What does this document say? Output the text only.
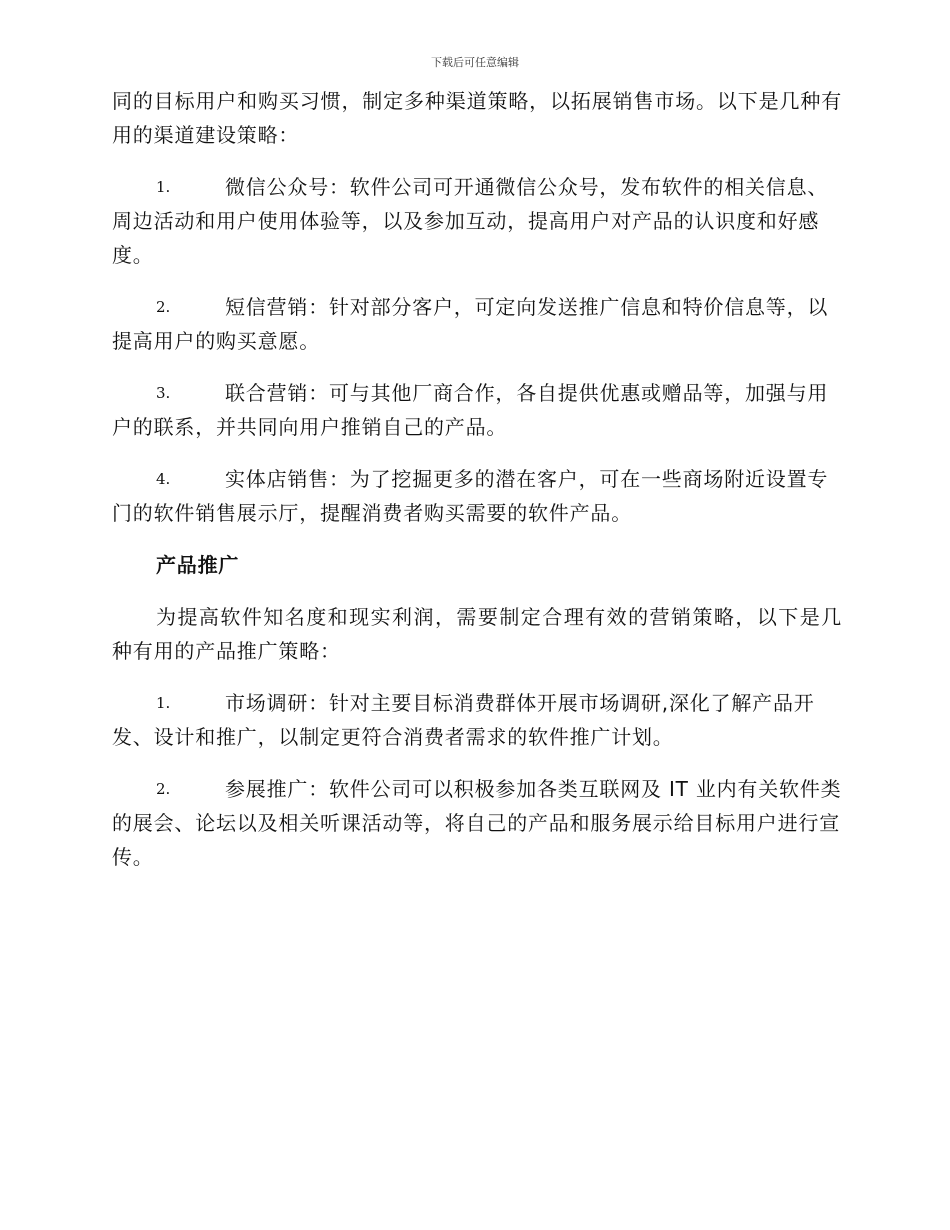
下载后可任意编辑

同的目标用户和购买习惯，制定多种渠道策略，以拓展销售市场。以下是几种有用的渠道建设策略：

1.	微信公众号：软件公司可开通微信公众号，发布软件的相关信息、周边活动和用户使用体验等，以及参加互动，提高用户对产品的认识度和好感度。
2.	短信营销：针对部分客户，可定向发送推广信息和特价信息等，以提高用户的购买意愿。
3.	联合营销：可与其他厂商合作，各自提供优惠或赠品等，加强与用户的联系，并共同向用户推销自己的产品。
4.	实体店销售：为了挖掘更多的潜在客户，可在一些商场附近设置专门的软件销售展示厅，提醒消费者购买需要的软件产品。
产品推广

为提高软件知名度和现实利润，需要制定合理有效的营销策略，以下是几种有用的产品推广策略：

1.	市场调研：针对主要目标消费群体开展市场调研,深化了解产品开发、设计和推广，以制定更符合消费者需求的软件推广计划。
2.	参展推广：软件公司可以积极参加各类互联网及 IT 业内有关软件类的展会、论坛以及相关听课活动等，将自己的产品和服务展示给目标用户进行宣传。
